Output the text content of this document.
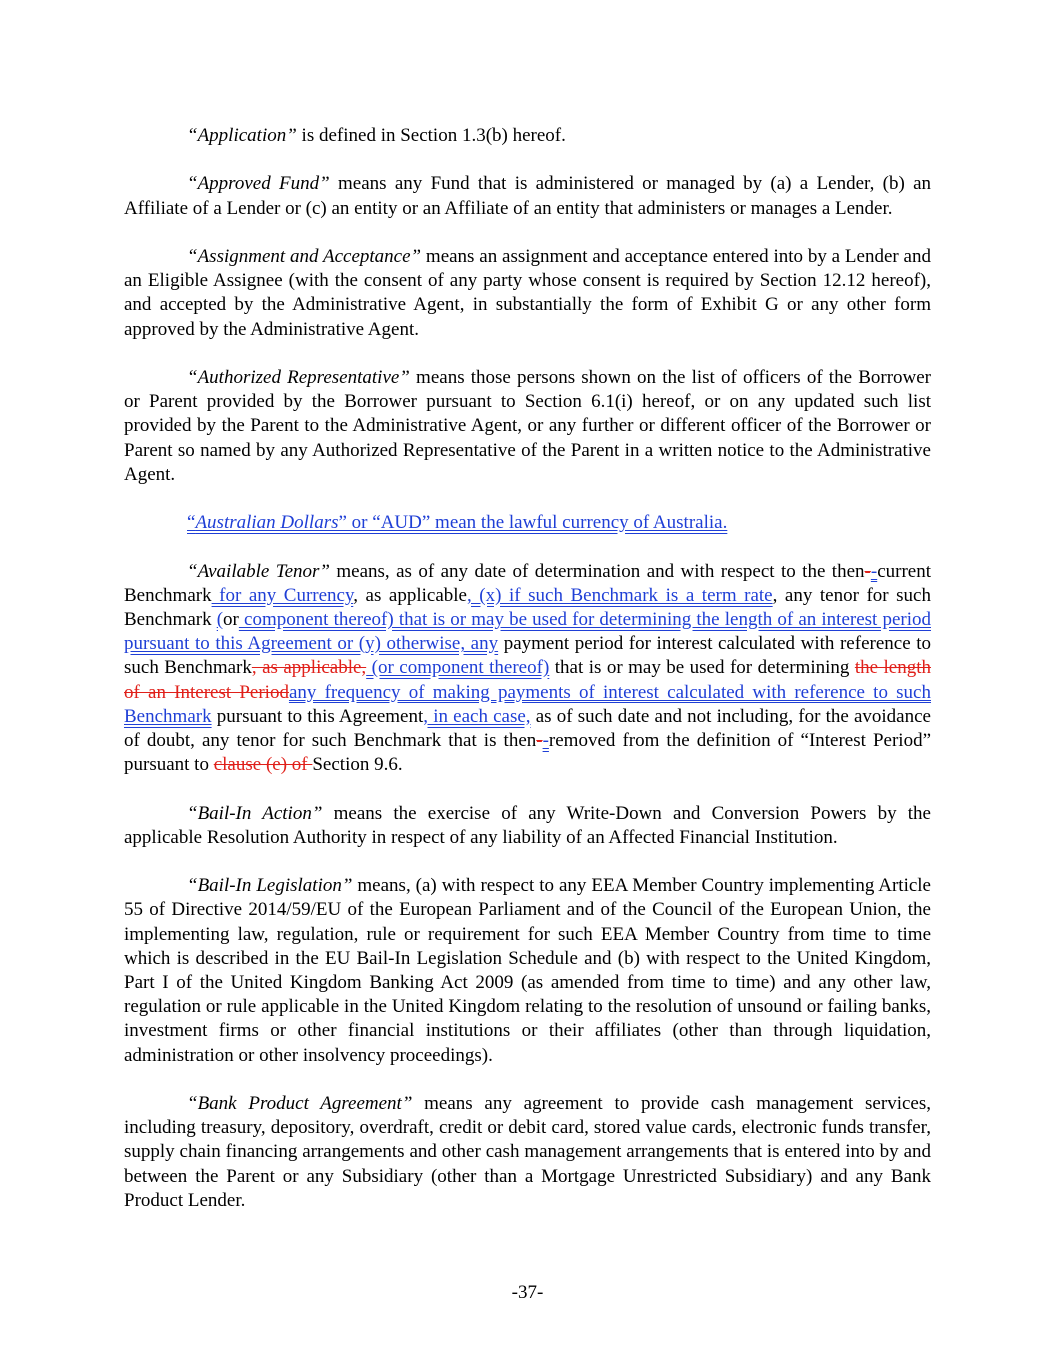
“Application” is defined in Section 1.3(b) hereof.

“Approved Fund” means any Fund that is administered or managed by (a) a Lender, (b) an Affiliate of a Lender or (c) an entity or an Affiliate of an entity that administers or manages a Lender.

“Assignment and Acceptance” means an assignment and acceptance entered into by a Lender and an Eligible Assignee (with the consent of any party whose consent is required by Section 12.12 hereof), and accepted by the Administrative Agent, in substantially the form of Exhibit G or any other form approved by the Administrative Agent.

“Authorized Representative” means those persons shown on the list of officers of the Borrower or Parent provided by the Borrower pursuant to Section 6.1(i) hereof, or on any updated such list provided by the Parent to the Administrative Agent, or any further or different officer of the Borrower or Parent so named by any Authorized Representative of the Parent in a written notice to the Administrative Agent.

“Australian Dollars” or “AUD” mean the lawful currency of Australia.

“Available Tenor” means, as of any date of determination and with respect to the then--current Benchmark for any Currency, as applicable, (x) if such Benchmark is a term rate, any tenor for such Benchmark (or component thereof) that is or may be used for determining the length of an interest period pursuant to this Agreement or (y) otherwise, any payment period for interest calculated with reference to such Benchmark, as applicable, (or component thereof) that is or may be used for determining the length of an Interest Periodany frequency of making payments of interest calculated with reference to such Benchmark pursuant to this Agreement, in each case, as of such date and not including, for the avoidance of doubt, any tenor for such Benchmark that is then--removed from the definition of “Interest Period” pursuant to clause (e) of Section 9.6.

“Bail-In Action” means the exercise of any Write-Down and Conversion Powers by the applicable Resolution Authority in respect of any liability of an Affected Financial Institution.

“Bail-In Legislation” means, (a) with respect to any EEA Member Country implementing Article 55 of Directive 2014/59/EU of the European Parliament and of the Council of the European Union, the implementing law, regulation, rule or requirement for such EEA Member Country from time to time which is described in the EU Bail-In Legislation Schedule and (b) with respect to the United Kingdom, Part I of the United Kingdom Banking Act 2009 (as amended from time to time) and any other law, regulation or rule applicable in the United Kingdom relating to the resolution of unsound or failing banks, investment firms or other financial institutions or their affiliates (other than through liquidation, administration or other insolvency proceedings).

“Bank Product Agreement” means any agreement to provide cash management services, including treasury, depository, overdraft, credit or debit card, stored value cards, electronic funds transfer, supply chain financing arrangements and other cash management arrangements that is entered into by and between the Parent or any Subsidiary (other than a Mortgage Unrestricted Subsidiary) and any Bank Product Lender.

-37-
